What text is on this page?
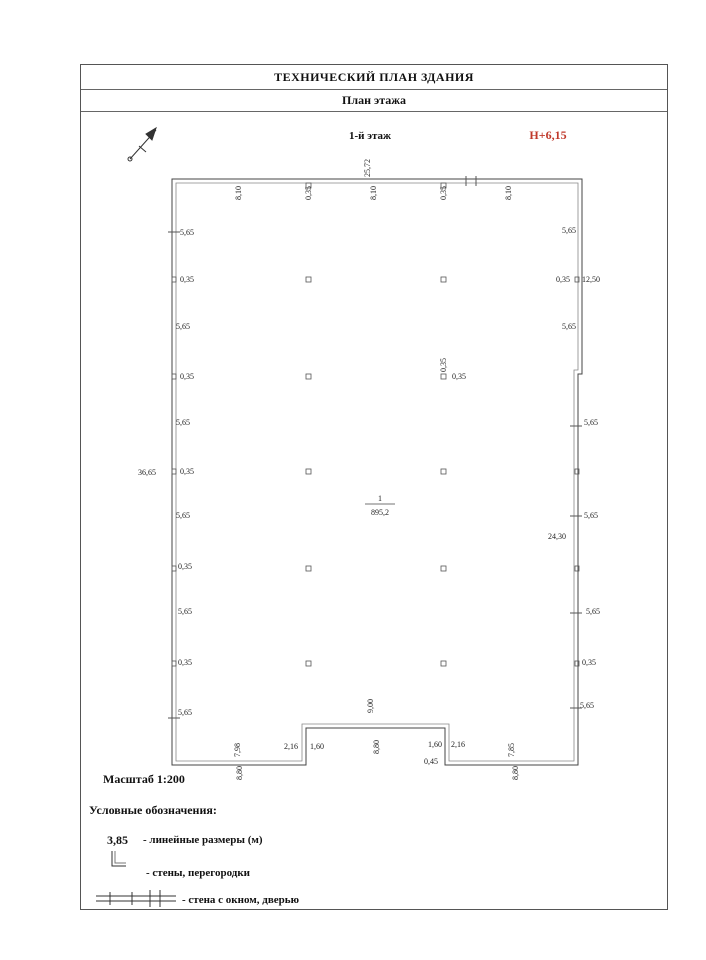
ТЕХНИЧЕСКИЙ ПЛАН ЗДАНИЯ
План этажа
1-й этаж	Н+6,15
25,72
8,10	0,35	8,10	0,35	8,10
5,65
0,35
5,65
0,35
5,65
0,35
5,65
0,35
5,65
0,35
5,65
36,65
5,65
0,35 12,50
5,65
5,65
5,65
24,30
5,65
0,35
5,65
0,35
0,35
1
895,2
9,00
8,80
2,16 1,60	1,60 2,16
0,45
7,98
8,80
7,85
8,80
Масштаб 1:200
Условные обозначения:
3,85 - линейные размеры (м)
- стены, перегородки
- стена с окном, дверью
